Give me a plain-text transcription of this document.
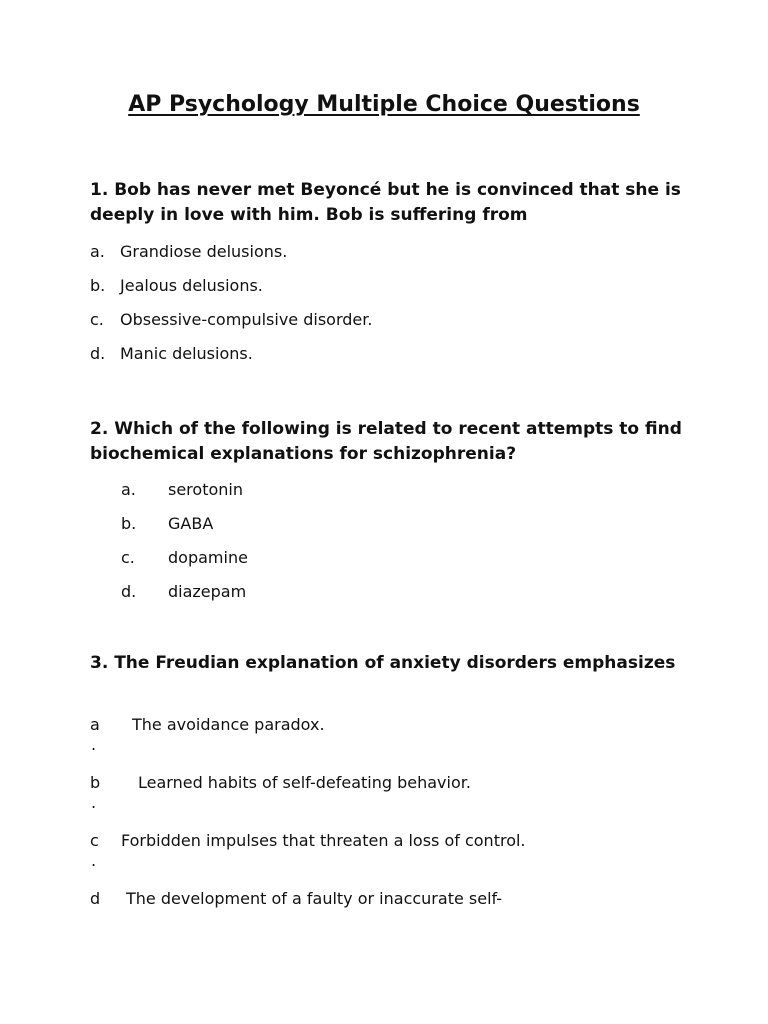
AP Psychology Multiple Choice Questions

1. Bob has never met Beyoncé but he is convinced that she is deeply in love with him. Bob is suffering from

a. Grandiose delusions.
b. Jealous delusions.
c. Obsessive-compulsive disorder.
d. Manic delusions.

2. Which of the following is related to recent attempts to find biochemical explanations for schizophrenia?

a. serotonin
b. GABA
c. dopamine
d. diazepam

3. The Freudian explanation of anxiety disorders emphasizes

a
.
The avoidance paradox.
b
.
Learned habits of self-defeating behavior.
c
.
Forbidden impulses that threaten a loss of control.
d The development of a faulty or inaccurate self-
